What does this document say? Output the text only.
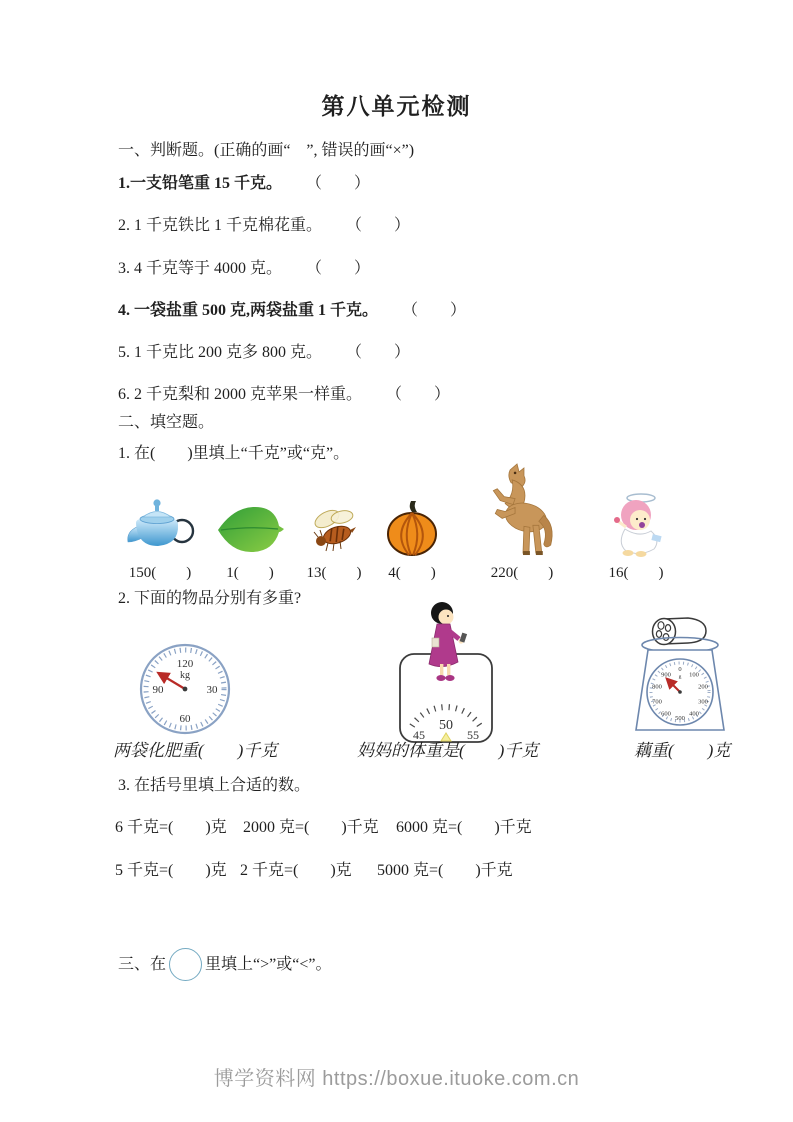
第八单元检测
一、判断题。(正确的画“　”, 错误的画“×”)
1.一支铅笔重 15 千克。 （　　）
2. 1 千克铁比 1 千克棉花重。 （　　）
3. 4 千克等于 4000 克。 （　　）
4. 一袋盐重 500 克,两袋盐重 1 千克。 （　　）
5. 1 千克比 200 克多 800 克。 （　　）
6. 2 千克梨和 2000 克苹果一样重。 （　　）
二、填空题。
1. 在(　　)里填上“千克”或“克”。
150(　　) 1(　　) 13(　　) 4(　　)	220(　　)	16(　　)
2. 下面的物品分别有多重?
120
kg
30
60
90
45
50
55
0
g 100
200
300
400
500
600
700
800
900
两袋化肥重(　　)千克	妈妈的体重是(　　)千克	藕重(　　)克
3. 在括号里填上合适的数。
6 千克=(　　)克 2000 克=(　　)千克 6000 克=(　　)千克
5 千克=(　　)克 2 千克=(　　)克 5000 克=(　　)千克
三、在 里填上“>”或“<”。
博学资料网 https://boxue.ituoke.com.cn
